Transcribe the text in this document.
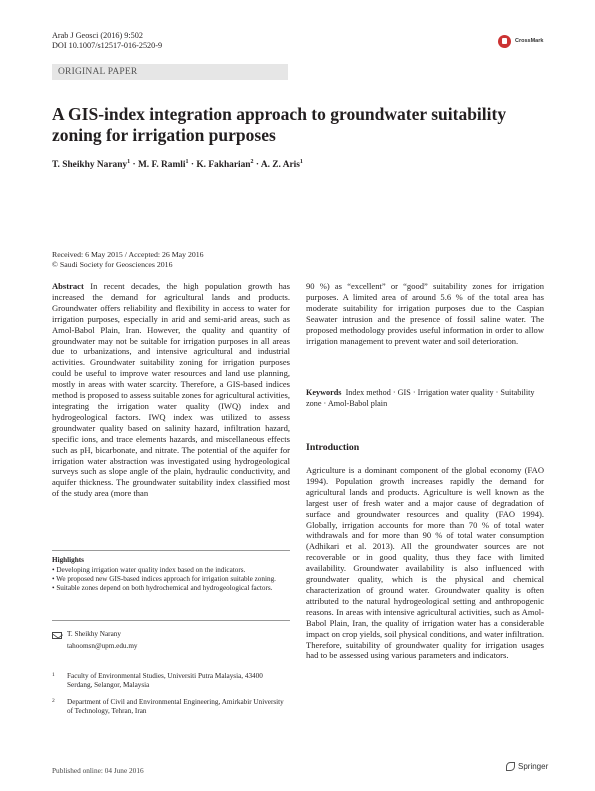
Arab J Geosci (2016) 9:502
DOI 10.1007/s12517-016-2520-9	CrossMark
ORIGINAL PAPER
A GIS-index integration approach to groundwater suitability zoning for irrigation purposes
T. Sheikhy Narany$^1$ · M. F. Ramli$^1$ · K. Fakharian$^2$ · A. Z. Aris$^1$
Received: 6 May 2015 / Accepted: 26 May 2016
© Saudi Society for Geosciences 2016
Abstract In recent decades, the high population growth has increased the demand for agricultural lands and products. Groundwater offers reliability and flexibility in access to water for irrigation purposes, especially in arid and semi-arid areas, such as Amol-Babol Plain, Iran. However, the quality and quantity of groundwater may not be suitable for irrigation purposes in all areas due to urbanizations, and intensive agricultural and industrial activities. Groundwater suitability zoning for irrigation purposes could be useful to improve water resources and land use planning, mostly in areas with water scarcity. Therefore, a GIS-based indices method is proposed to assess suitable zones for agricultural activities, integrating the irrigation water quality (IWQ) index and hydrogeological factors. IWQ index was utilized to assess groundwater quality based on salinity hazard, infiltration hazard, specific ions, and trace elements hazards, and miscellaneous effects such as pH, bicarbonate, and nitrate. The potential of the aquifer for irrigation water abstraction was investigated using hydrogeological surveys such as slope angle of the plain, hydraulic conductivity, and aquifer thickness. The groundwater suitability index classified most of the study area (more than
90 %) as “excellent” or “good” suitability zones for irrigation purposes. A limited area of around 5.6 % of the total area has moderate suitability for irrigation purposes due to the Caspian Seawater intrusion and the presence of fossil saline water. The proposed methodology provides useful information in order to allow irrigation management to prevent water and soil deterioration.
Keywords Index method · GIS · Irrigation water quality · Suitability zone · Amol-Babol plain
Introduction
Agriculture is a dominant component of the global economy (FAO 1994). Population growth increases rapidly the demand for agricultural lands and products. Agriculture is well known as the largest user of fresh water and a major cause of degradation of surface and groundwater resources and quality (FAO 1994). Globally, irrigation accounts for more than 70 % of total water withdrawals and for more than 90 % of total water consumption (Adhikari et al. 2013). All the groundwater sources are not recoverable or in good quality, thus they face with limited availability. Groundwater availability is also influenced with groundwater quality, which is the physical and chemical characterization of ground water. Groundwater quality is often attributed to the natural hydrogeological setting and anthropogenic reasons. In areas with intensive agricultural activities, such as Amol-Babol Plain, Iran, the quality of irrigation water has a considerable impact on crop yields, soil physical conditions, and water infiltration. Therefore, suitability of groundwater quality for irrigation usages had to be assessed using various parameters and indicators.
Highlights
• Developing irrigation water quality index based on the indicators.
• We proposed new GIS-based indices approach for irrigation suitable zoning.
• Suitable zones depend on both hydrochemical and hydrogeological factors.
T. Sheikhy Narany
tahoomsn@upm.edu.my
1 Faculty of Environmental Studies, Universiti Putra Malaysia, 43400 Serdang, Selangor, Malaysia
2 Department of Civil and Environmental Engineering, Amirkabir University of Technology, Tehran, Iran
Published online: 04 June 2016	Springer
